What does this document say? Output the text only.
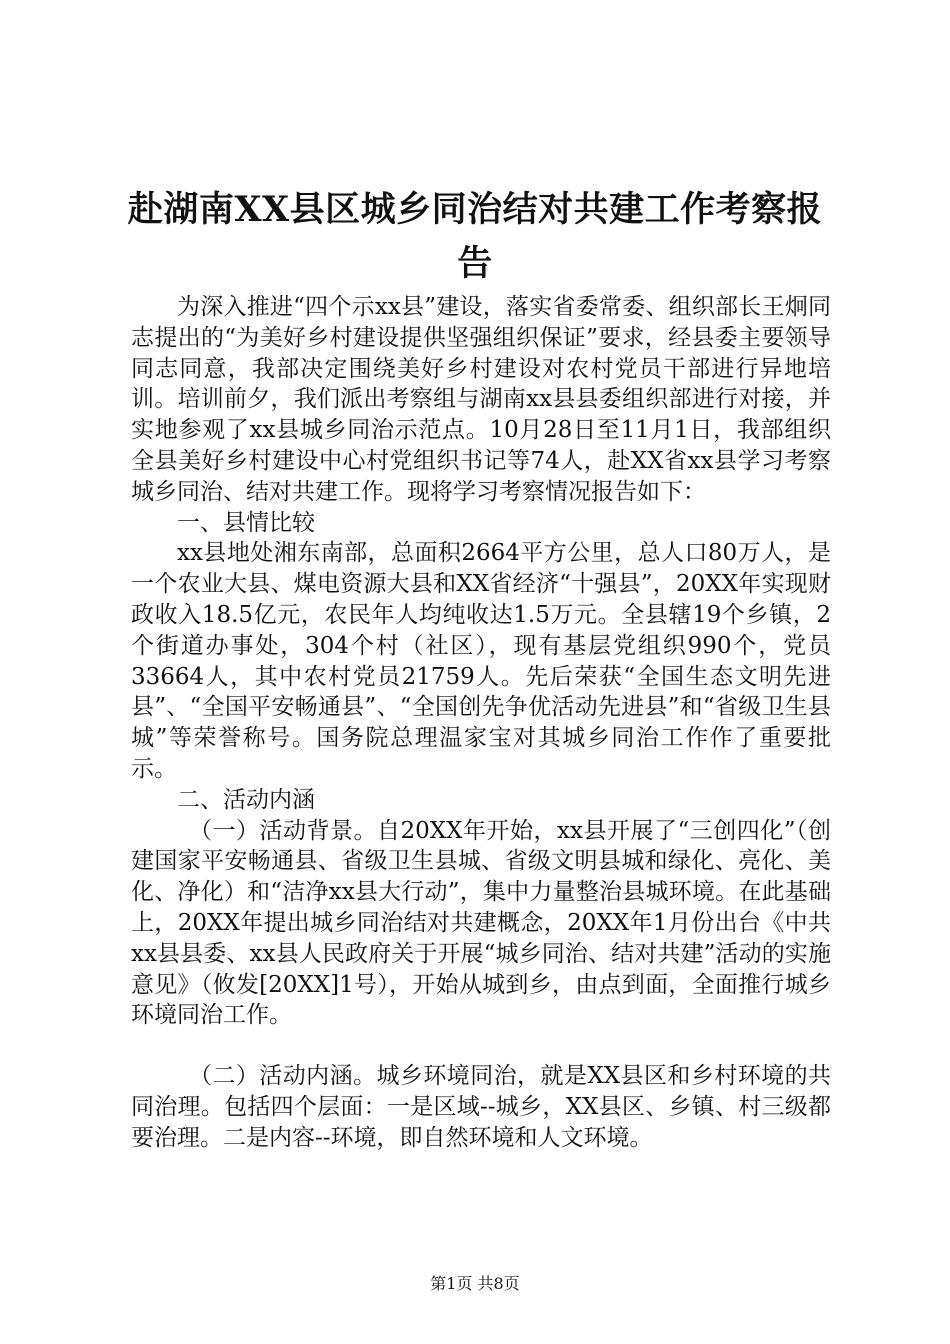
赴湖南XX县区城乡同治结对共建工作考察报
告

为深入推进“四个示xx县”建设，落实省委常委、组织部长王炯同志提出的“为美好乡村建设提供坚强组织保证”要求，经县委主要领导同志同意，我部决定围绕美好乡村建设对农村党员干部进行异地培训。培训前夕，我们派出考察组与湖南xx县县委组织部进行对接，并实地参观了xx县城乡同治示范点。10月28日至11月1日，我部组织全县美好乡村建设中心村党组织书记等74人，赴XX省xx县学习考察城乡同治、结对共建工作。现将学习考察情况报告如下：

一、县情比较

xx县地处湘东南部，总面积2664平方公里，总人口80万人，是一个农业大县、煤电资源大县和XX省经济“十强县”，20XX年实现财政收入18.5亿元，农民年人均纯收达1.5万元。全县辖19个乡镇，2个街道办事处，304个村（社区），现有基层党组织990个，党员33664人，其中农村党员21759人。先后荣获“全国生态文明先进县”、“全国平安畅通县”、“全国创先争优活动先进县”和“省级卫生县城”等荣誉称号。国务院总理温家宝对其城乡同治工作作了重要批示。

二、活动内涵

（一）活动背景。自20XX年开始，xx县开展了“三创四化”（创建国家平安畅通县、省级卫生县城、省级文明县城和绿化、亮化、美化、净化）和“洁净xx县大行动”，集中力量整治县城环境。在此基础上，20XX年提出城乡同治结对共建概念，20XX年1月份出台《中共xx县县委、xx县人民政府关于开展“城乡同治、结对共建”活动的实施意见》（攸发[20XX]1号），开始从城到乡，由点到面，全面推行城乡环境同治工作。

（二）活动内涵。城乡环境同治，就是XX县区和乡村环境的共同治理。包括四个层面：一是区域--城乡，XX县区、乡镇、村三级都要治理。二是内容--环境，即自然环境和人文环境。

第1页 共8页
